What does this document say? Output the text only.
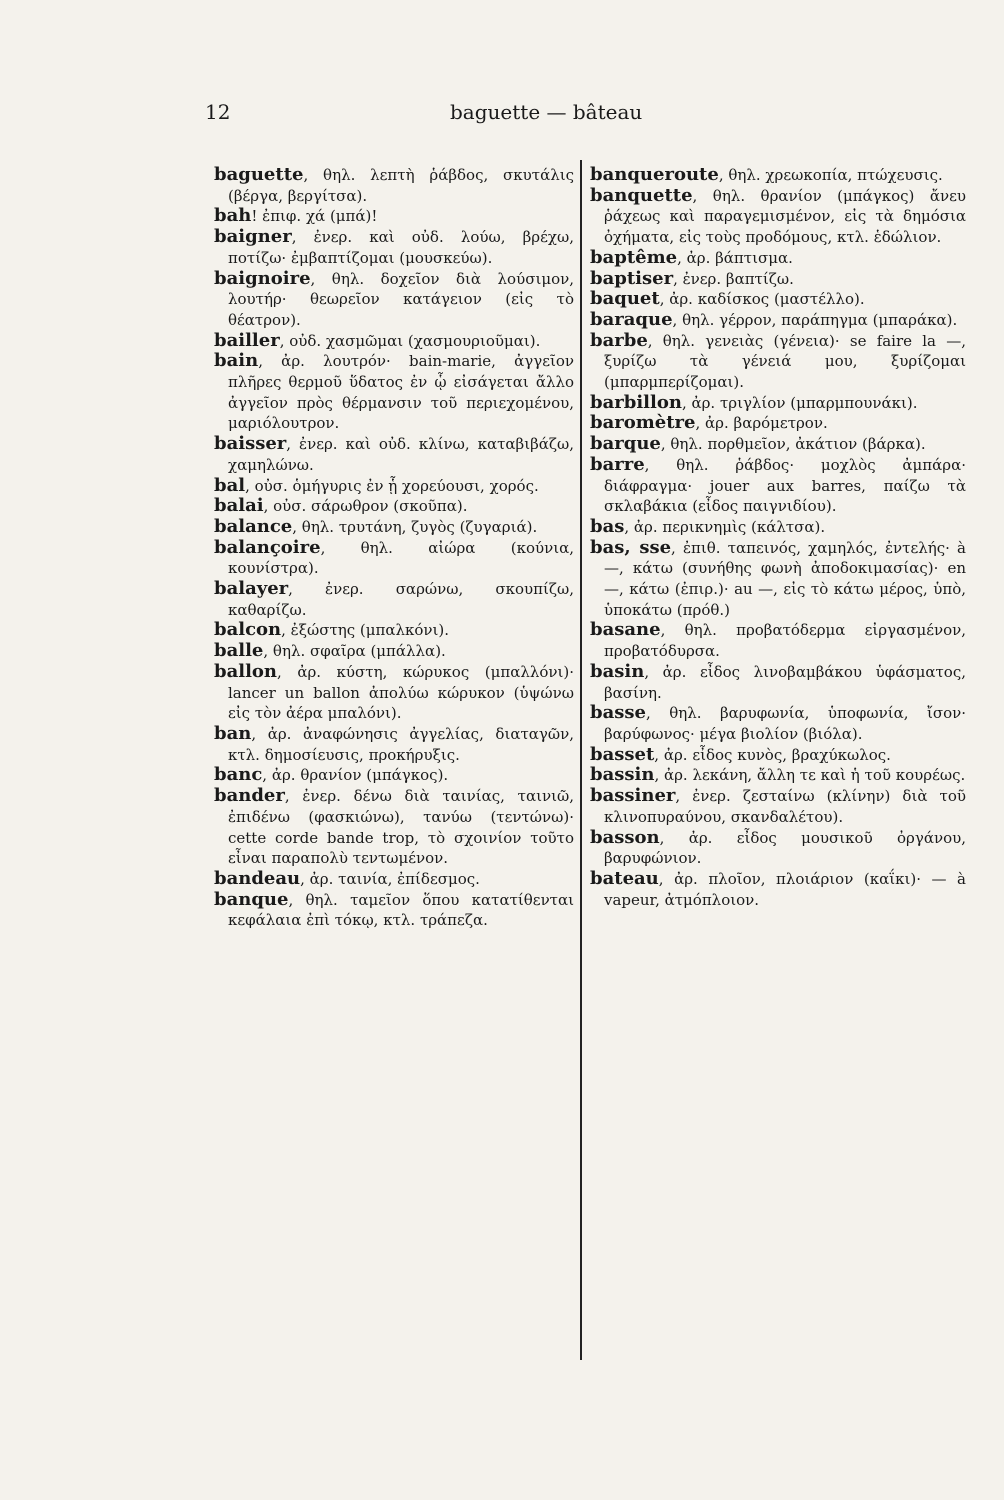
12	baguette — bâteau

baguette, θηλ. λεπτὴ ῥάβδος, σκυτάλις (βέργα, βεργίτσα).

bah! ἐπιφ. χά (μπά)!

baigner, ἐνερ. καὶ οὐδ. λούω, βρέχω, ποτίζω· ἐμβαπτίζομαι (μουσκεύω).

baignoire, θηλ. δοχεῖον διὰ λούσιμον, λουτήρ· θεωρεῖον κατάγειον (εἰς τὸ θέατρον).

bailler, οὐδ. χασμῶμαι (χασμουριοῦμαι).

bain, ἀρ. λουτρόν· bain-marie, ἀγγεῖον πλῆρες θερμοῦ ὕδατος ἐν ᾧ εἰσάγεται ἄλλο ἀγγεῖον πρὸς θέρμανσιν τοῦ περιεχομένου, μαριόλουτρον.

baisser, ἐνερ. καὶ οὐδ. κλίνω, καταβιβάζω, χαμηλώνω.

bal, οὐσ. ὁμήγυρις ἐν ᾗ χορεύουσι, χορός.

balai, οὐσ. σάρωθρον (σκοῦπα).

balance, θηλ. τρυτάνη, ζυγὸς (ζυγαριά).

balançoire, θηλ. αἰώρα (κούνια, κουνίστρα).

balayer, ἐνερ. σαρώνω, σκουπίζω, καθαρίζω.

balcon, ἐξώστης (μπαλκόνι).

balle, θηλ. σφαῖρα (μπάλλα).

ballon, ἀρ. κύστη, κώρυκος (μπαλλόνι)· lancer un ballon ἀπολύω κώρυκον (ὑψώνω εἰς τὸν ἀέρα μπαλόνι).

ban, ἀρ. ἀναφώνησις ἀγγελίας, διαταγῶν, κτλ. δημοσίευσις, προκήρυξις.

banc, ἀρ. θρανίον (μπάγκος).

bander, ἐνερ. δένω διὰ ταινίας, ταινιῶ, ἐπιδένω (φασκιώνω), τανύω (τεντώνω)· cette corde bande trop, τὸ σχοινίον τοῦτο εἶναι παραπολὺ τεντωμένον.

bandeau, ἀρ. ταινία, ἐπίδεσμος.

banque, θηλ. ταμεῖον ὅπου κατατίθενται κεφάλαια ἐπὶ τόκῳ, κτλ. τράπεζα.

banqueroute, θηλ. χρεωκοπία, πτώχευσις.

banquette, θηλ. θρανίον (μπάγκος) ἄνευ ῥάχεως καὶ παραγεμισμένον, εἰς τὰ δημόσια ὀχήματα, εἰς τοὺς προδόμους, κτλ. ἑδώλιον.

baptême, ἀρ. βάπτισμα.

baptiser, ἐνερ. βαπτίζω.

baquet, ἀρ. καδίσκος (μαστέλλο).

baraque, θηλ. γέρρον, παράπηγμα (μπαράκα).

barbe, θηλ. γενειὰς (γένεια)· se faire la —, ξυρίζω τὰ γένειά μου, ξυρίζομαι (μπαρμπερίζομαι).

barbillon, ἀρ. τριγλίον (μπαρμπουνάκι).

baromètre, ἀρ. βαρόμετρον.

barque, θηλ. πορθμεῖον, ἀκάτιον (βάρκα).

barre, θηλ. ῥάβδος· μοχλὸς ἀμπάρα· διάφραγμα· jouer aux barres, παίζω τὰ σκλαβάκια (εἶδος παιγνιδίου).

bas, ἀρ. περικνημὶς (κάλτσα).

bas, sse, ἐπιθ. ταπεινός, χαμηλός, ἐντελής· à —, κάτω (συνήθης φωνὴ ἀποδοκιμασίας)· en —, κάτω (ἐπιρ.)· au —, εἰς τὸ κάτω μέρος, ὑπὸ, ὑποκάτω (πρόθ.)

basane, θηλ. προβατόδερμα εἰργασμένον, προβατόδυρσα.

basin, ἀρ. εἶδος λινοβαμβάκου ὑφάσματος, βασίνη.

basse, θηλ. βαρυφωνία, ὑποφωνία, ἴσον· βαρύφωνος· μέγα βιολίον (βιόλα).

basset, ἀρ. εἶδος κυνὸς, βραχύκωλος.

bassin, ἀρ. λεκάνη, ἄλλη τε καὶ ἡ τοῦ κουρέως.

bassiner, ἐνερ. ζεσταίνω (κλίνην) διὰ τοῦ κλινοπυραύνου, σκανδαλέτου).

basson, ἀρ. εἶδος μουσικοῦ ὀργάνου, βαρυφώνιον.

bateau, ἀρ. πλοῖον, πλοιάριον (καΐκι)· — à vapeur, ἀτμόπλοιον.
